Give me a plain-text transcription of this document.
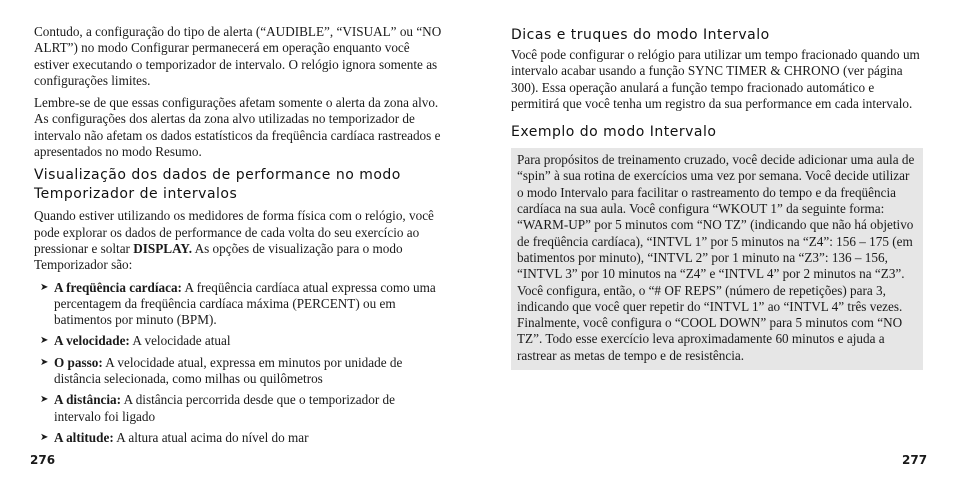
Contudo, a configuração do tipo de alerta (“AUDIBLE”, “VISUAL” ou “NO ALRT”) no modo Configurar permanecerá em operação enquanto você estiver executando o temporizador de intervalo. O relógio ignora somente as configurações limites.

Lembre-se de que essas configurações afetam somente o alerta da zona alvo. As configurações dos alertas da zona alvo utilizadas no temporizador de intervalo não afetam os dados estatísticos da freqüência cardíaca rastreados e apresentados no modo Resumo.

Visualização dos dados de performance no modo Temporizador de intervalos

Quando estiver utilizando os medidores de forma física com o relógio, você pode explorar os dados de performance de cada volta do seu exercício ao pressionar e soltar DISPLAY. As opções de visualização para o modo Temporizador são:

➤ A freqüência cardíaca: A freqüência cardíaca atual expressa como uma percentagem da freqüência cardíaca máxima (PERCENT) ou em batimentos por minuto (BPM).
➤ A velocidade: A velocidade atual
➤ O passo: A velocidade atual, expressa em minutos por unidade de distância selecionada, como milhas ou quilômetros
➤ A distância: A distância percorrida desde que o temporizador de intervalo foi ligado
➤ A altitude: A altura atual acima do nível do mar
Dicas e truques do modo Intervalo

Você pode configurar o relógio para utilizar um tempo fracionado quando um intervalo acabar usando a função SYNC TIMER & CHRONO (ver página 300). Essa operação anulará a função tempo fracionado automático e permitirá que você tenha um registro da sua performance em cada intervalo.

Exemplo do modo Intervalo

Para propósitos de treinamento cruzado, você decide adicionar uma aula de “spin” à sua rotina de exercícios uma vez por semana. Você decide utilizar o modo Intervalo para facilitar o rastreamento do tempo e da freqüência cardíaca na sua aula. Você configura “WKOUT 1” da seguinte forma: “WARM-UP” por 5 minutos com “NO TZ” (indicando que não há objetivo de freqüência cardíaca), “INTVL 1” por 5 minutos na “Z4”: 156 – 175 (em batimentos por minuto), “INTVL 2” por 1 minuto na “Z3”: 136 – 156, “INTVL 3” por 10 minutos na “Z4” e “INTVL 4” por 2 minutos na “Z3”. Você configura, então, o “# OF REPS” (número de repetições) para 3, indicando que você quer repetir do “INTVL 1” ao “INTVL 4” três vezes. Finalmente, você configura o “COOL DOWN” para 5 minutos com “NO TZ”. Todo esse exercício leva aproximadamente 60 minutos e ajuda a rastrear as metas de tempo e de resistência.

276	277
